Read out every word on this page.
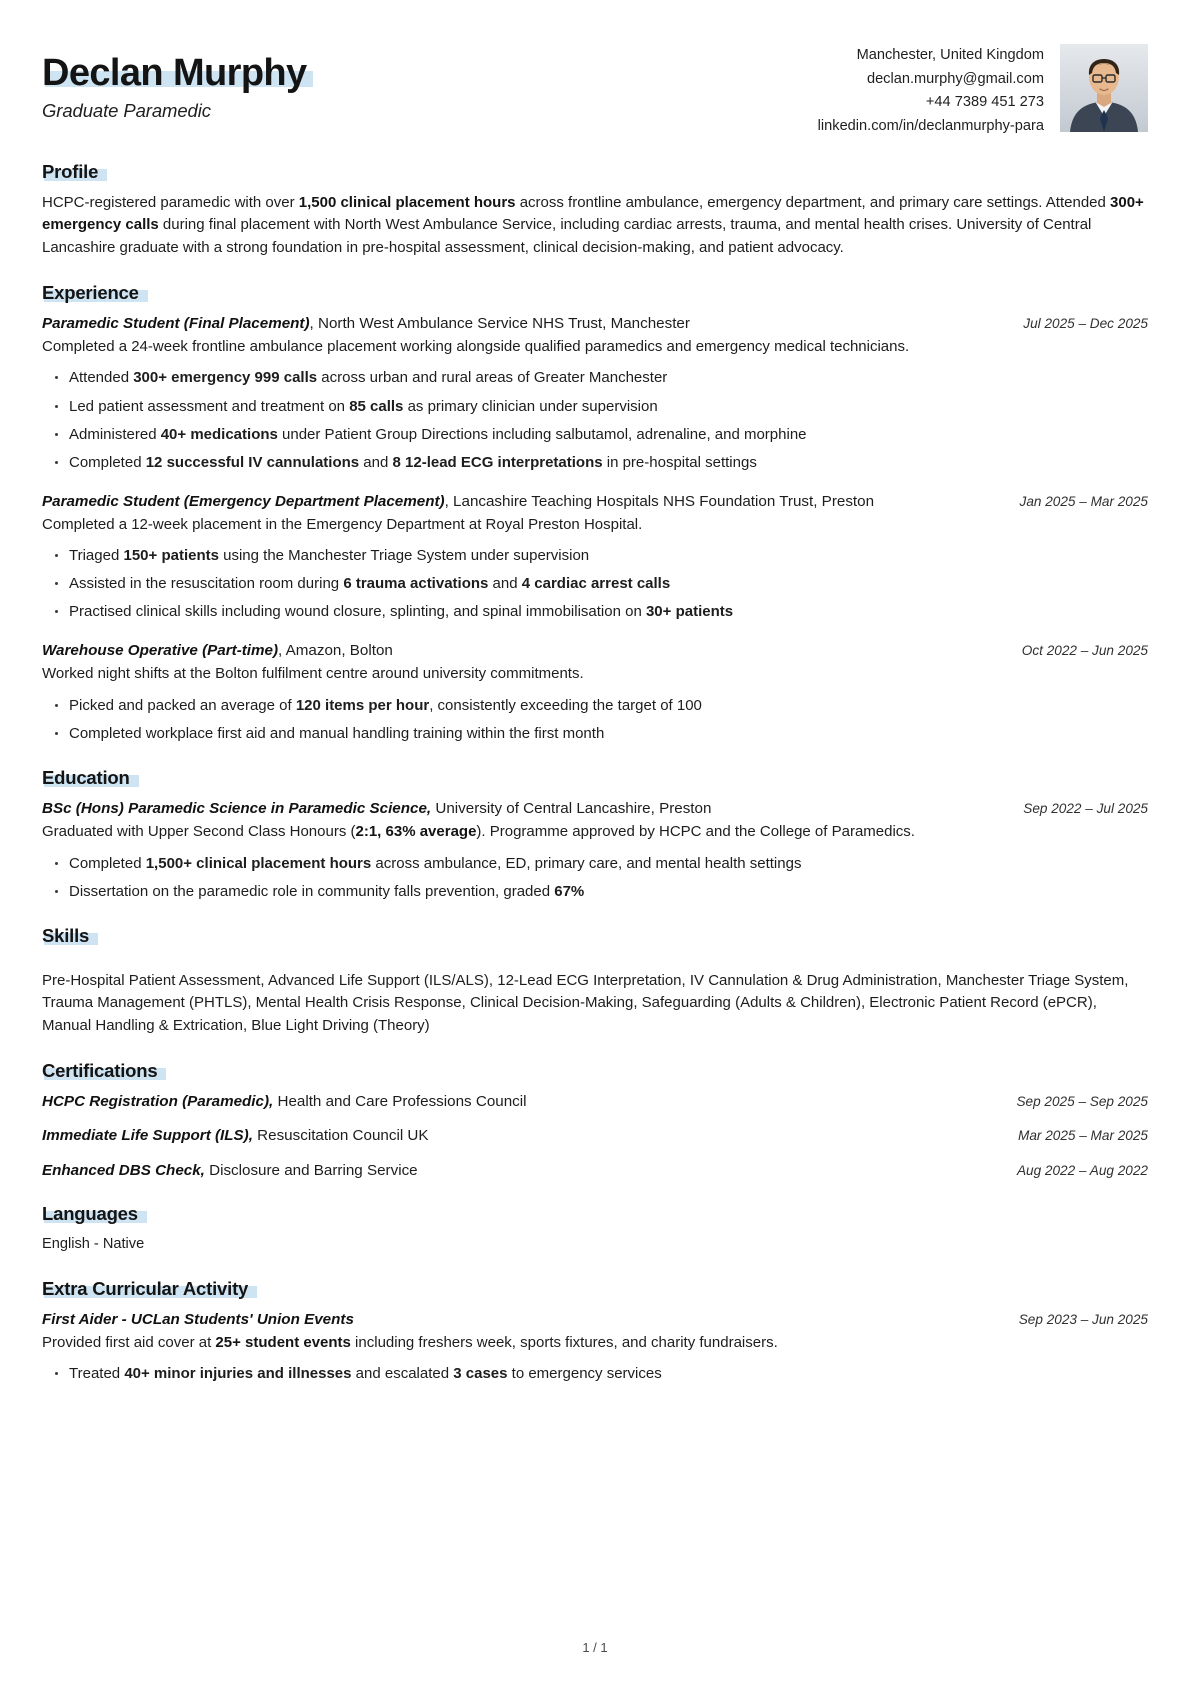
Declan Murphy
Graduate Paramedic
Manchester, United Kingdom
declan.murphy@gmail.com
+44 7389 451 273
linkedin.com/in/declanmurphy-para
Profile
HCPC-registered paramedic with over 1,500 clinical placement hours across frontline ambulance, emergency department, and primary care settings. Attended 300+ emergency calls during final placement with North West Ambulance Service, including cardiac arrests, trauma, and mental health crises. University of Central Lancashire graduate with a strong foundation in pre-hospital assessment, clinical decision-making, and patient advocacy.
Experience
Paramedic Student (Final Placement), North West Ambulance Service NHS Trust, Manchester	Jul 2025 – Dec 2025
Completed a 24-week frontline ambulance placement working alongside qualified paramedics and emergency medical technicians.
Attended 300+ emergency 999 calls across urban and rural areas of Greater Manchester
Led patient assessment and treatment on 85 calls as primary clinician under supervision
Administered 40+ medications under Patient Group Directions including salbutamol, adrenaline, and morphine
Completed 12 successful IV cannulations and 8 12-lead ECG interpretations in pre-hospital settings
Paramedic Student (Emergency Department Placement), Lancashire Teaching Hospitals NHS Foundation Trust, Preston	Jan 2025 – Mar 2025
Completed a 12-week placement in the Emergency Department at Royal Preston Hospital.
Triaged 150+ patients using the Manchester Triage System under supervision
Assisted in the resuscitation room during 6 trauma activations and 4 cardiac arrest calls
Practised clinical skills including wound closure, splinting, and spinal immobilisation on 30+ patients
Warehouse Operative (Part-time), Amazon, Bolton	Oct 2022 – Jun 2025
Worked night shifts at the Bolton fulfilment centre around university commitments.
Picked and packed an average of 120 items per hour, consistently exceeding the target of 100
Completed workplace first aid and manual handling training within the first month
Education
BSc (Hons) Paramedic Science in Paramedic Science, University of Central Lancashire, Preston	Sep 2022 – Jul 2025
Graduated with Upper Second Class Honours (2:1, 63% average). Programme approved by HCPC and the College of Paramedics.
Completed 1,500+ clinical placement hours across ambulance, ED, primary care, and mental health settings
Dissertation on the paramedic role in community falls prevention, graded 67%
Skills
Pre-Hospital Patient Assessment, Advanced Life Support (ILS/ALS), 12-Lead ECG Interpretation, IV Cannulation & Drug Administration, Manchester Triage System, Trauma Management (PHTLS), Mental Health Crisis Response, Clinical Decision-Making, Safeguarding (Adults & Children), Electronic Patient Record (ePCR), Manual Handling & Extrication, Blue Light Driving (Theory)
Certifications
HCPC Registration (Paramedic), Health and Care Professions Council	Sep 2025 – Sep 2025
Immediate Life Support (ILS), Resuscitation Council UK	Mar 2025 – Mar 2025
Enhanced DBS Check, Disclosure and Barring Service	Aug 2022 – Aug 2022
Languages
English - Native
Extra Curricular Activity
First Aider - UCLan Students' Union Events	Sep 2023 – Jun 2025
Provided first aid cover at 25+ student events including freshers week, sports fixtures, and charity fundraisers.
Treated 40+ minor injuries and illnesses and escalated 3 cases to emergency services
1 / 1
